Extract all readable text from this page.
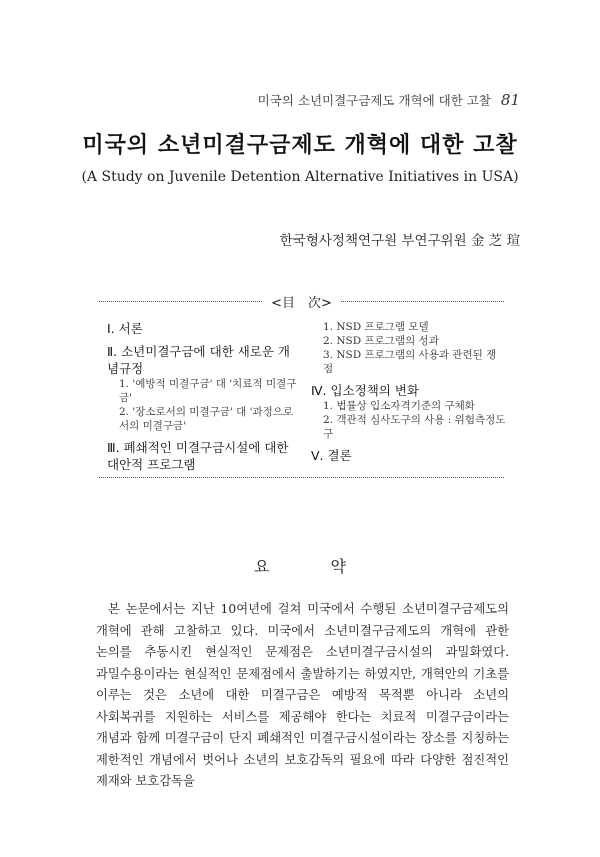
미국의 소년미결구금제도 개혁에 대한 고찰 81
미국의 소년미결구금제도 개혁에 대한 고찰
(A Study on Juvenile Detention Alternative Initiatives in USA)
한국형사정책연구원 부연구위원 金 芝 瑄
<目　次>

Ⅰ. 서론

Ⅱ. 소년미결구금에 대한 새로운 개념규정

1. '예방적 미결구금' 대 '치료적 미결구금'

2. '장소로서의 미결구금' 대 '과정으로서의 미결구금'

Ⅲ. 폐쇄적인 미결구금시설에 대한 대안적 프로그램

1. NSD 프로그램 모델

2. NSD 프로그램의 성과

3. NSD 프로그램의 사용과 관련된 쟁점

Ⅳ. 입소정책의 변화

1. 법률상 입소자격기준의 구체화

2. 객관적 심사도구의 사용 : 위험측정도구

Ⅴ. 결론

요 약

본 논문에서는 지난 10여년에 걸쳐 미국에서 수행된 소년미결구금제도의 개혁에 관해 고찰하고 있다. 미국에서 소년미결구금제도의 개혁에 관한 논의를 추동시킨 현실적인 문제점은 소년미결구금시설의 과밀화였다. 과밀수용이라는 현실적인 문제점에서 출발하기는 하였지만, 개혁안의 기초를 이루는 것은 소년에 대한 미결구금은 예방적 목적뿐 아니라 소년의 사회복귀를 지원하는 서비스를 제공해야 한다는 치료적 미결구금이라는 개념과 함께 미결구금이 단지 폐쇄적인 미결구금시설이라는 장소를 지칭하는 제한적인 개념에서 벗어나 소년의 보호감독의 필요에 따라 다양한 점진적인 제재와 보호감독을
